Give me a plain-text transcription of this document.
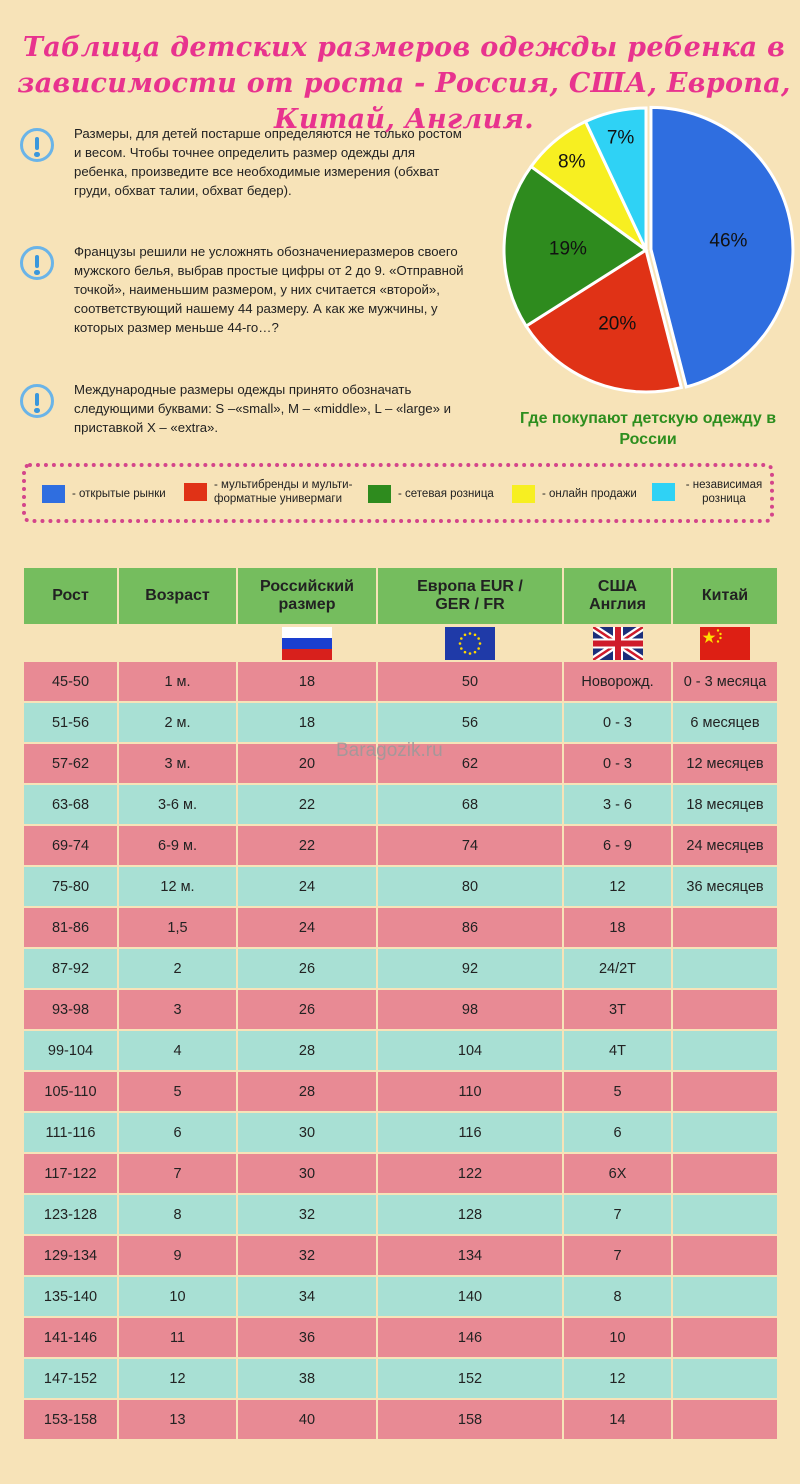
Таблица детских размеров одежды ребенка в зависимости от роста - Россия, США, Европа, Китай, Англия.
Размеры, для детей постарше определяются не только ростом и весом. Чтобы точнее определить размер одежды для ребенка, произведите все необходимые измерения (обхват груди, обхват талии, обхват бедер).
Французы решили не усложнять обозначениеразмеров своего мужского белья, выбрав простые цифры от 2 до 9. «Отправной точкой», наименьшим размером, у них считается «второй», соответствующий нашему 44 размеру. А как же мужчины, у которых размер меньше 44-го…?
Международные размеры одежды принято обозначать следующими буквами: S –«small», M – «middle», L – «large» и приставкой X – «extra».
46%
20%
19%
8%
7%
Где покупают детскую одежду в России
- открытые рынки
- мультибренды и мульти- форматные универмаги	- сетевая розница	- онлайн продажи
- независимая розница
Рост	Возраст	Российский размер	Европа EUR / GER / FR	США Англия	Китай

45-50	1 м.	18	50	Новорожд.	0 - 3 месяца
51-56	2 м.	18	56	0 - 3	6 месяцев
57-62	3 м.	20	62	0 - 3	12 месяцев
63-68	3-6 м.	22	68	3 - 6	18 месяцев
69-74	6-9 м.	22	74	6 - 9	24 месяцев
75-80	12 м.	24	80	12	36 месяцев
81-86	1,5	24	86	18	
87-92	2	26	92	24/2T	
93-98	3	26	98	3T	
99-104	4	28	104	4T	
105-110	5	28	110	5	
111-116	6	30	116	6	
117-122	7	30	122	6X	
123-128	8	32	128	7	
129-134	9	32	134	7	
135-140	10	34	140	8	
141-146	11	36	146	10	
147-152	12	38	152	12	
153-158	13	40	158	14	
Baragozik.ru
